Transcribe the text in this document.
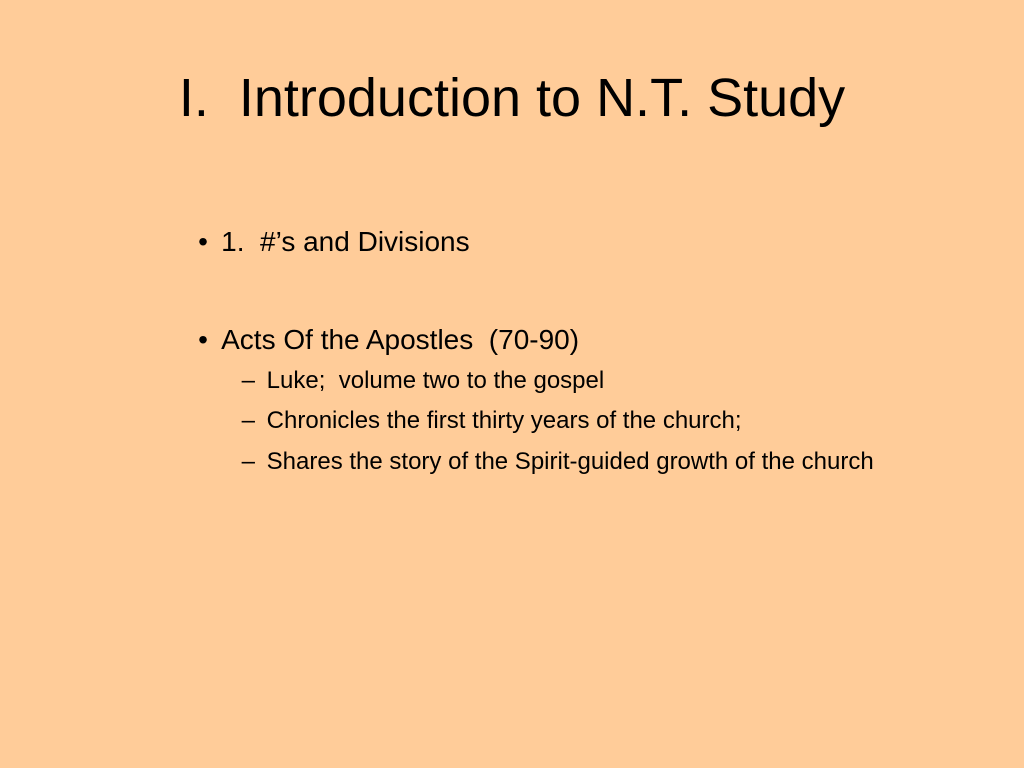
I.  Introduction to N.T. Study

• 1.  #’s and Divisions

• Acts Of the Apostles  (70-90)

– Luke;  volume two to the gospel

– Chronicles the first thirty years of the church;

– Shares the story of the Spirit-guided growth of the church
